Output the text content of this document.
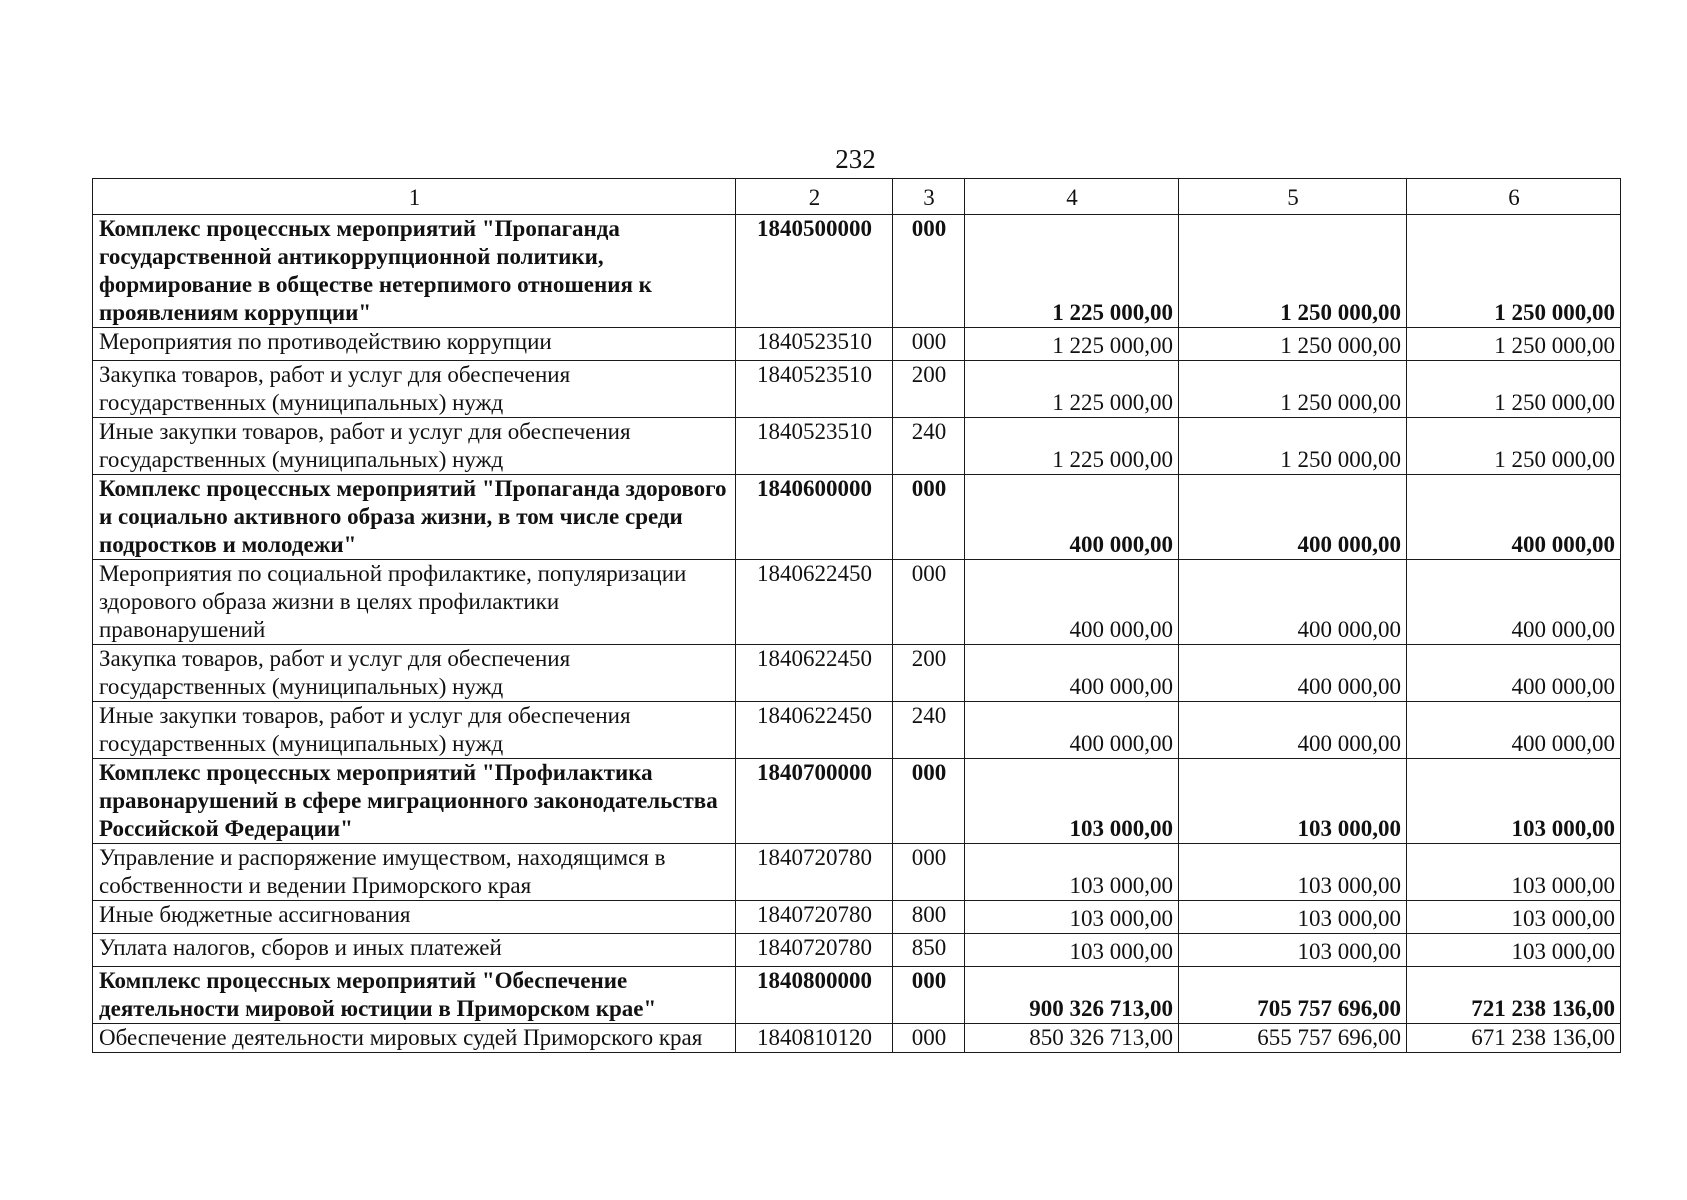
232
1	2	3	4	5	6
Комплекс процессных мероприятий "Пропаганда государственной антикоррупционной политики, формирование в обществе нетерпимого отношения к проявлениям коррупции"	1840500000	000	1 225 000,00	1 250 000,00	1 250 000,00
Мероприятия по противодействию коррупции	1840523510	000	1 225 000,00	1 250 000,00	1 250 000,00
Закупка товаров, работ и услуг для обеспечения государственных (муниципальных) нужд	1840523510	200	1 225 000,00	1 250 000,00	1 250 000,00
Иные закупки товаров, работ и услуг для обеспечения государственных (муниципальных) нужд	1840523510	240	1 225 000,00	1 250 000,00	1 250 000,00
Комплекс процессных мероприятий "Пропаганда здорового и социально активного образа жизни, в том числе среди подростков и молодежи"	1840600000	000	400 000,00	400 000,00	400 000,00
Мероприятия по социальной профилактике, популяризации здорового образа жизни в целях профилактики правонарушений	1840622450	000	400 000,00	400 000,00	400 000,00
Закупка товаров, работ и услуг для обеспечения государственных (муниципальных) нужд	1840622450	200	400 000,00	400 000,00	400 000,00
Иные закупки товаров, работ и услуг для обеспечения государственных (муниципальных) нужд	1840622450	240	400 000,00	400 000,00	400 000,00
Комплекс процессных мероприятий "Профилактика правонарушений в сфере миграционного законодательства Российской Федерации"	1840700000	000	103 000,00	103 000,00	103 000,00
Управление и распоряжение имуществом, находящимся в собственности и ведении Приморского края	1840720780	000	103 000,00	103 000,00	103 000,00
Иные бюджетные ассигнования	1840720780	800	103 000,00	103 000,00	103 000,00
Уплата налогов, сборов и иных платежей	1840720780	850	103 000,00	103 000,00	103 000,00
Комплекс процессных мероприятий "Обеспечение деятельности мировой юстиции в Приморском крае"	1840800000	000	900 326 713,00	705 757 696,00	721 238 136,00
Обеспечение деятельности мировых судей Приморского края	1840810120	000	850 326 713,00	655 757 696,00	671 238 136,00
